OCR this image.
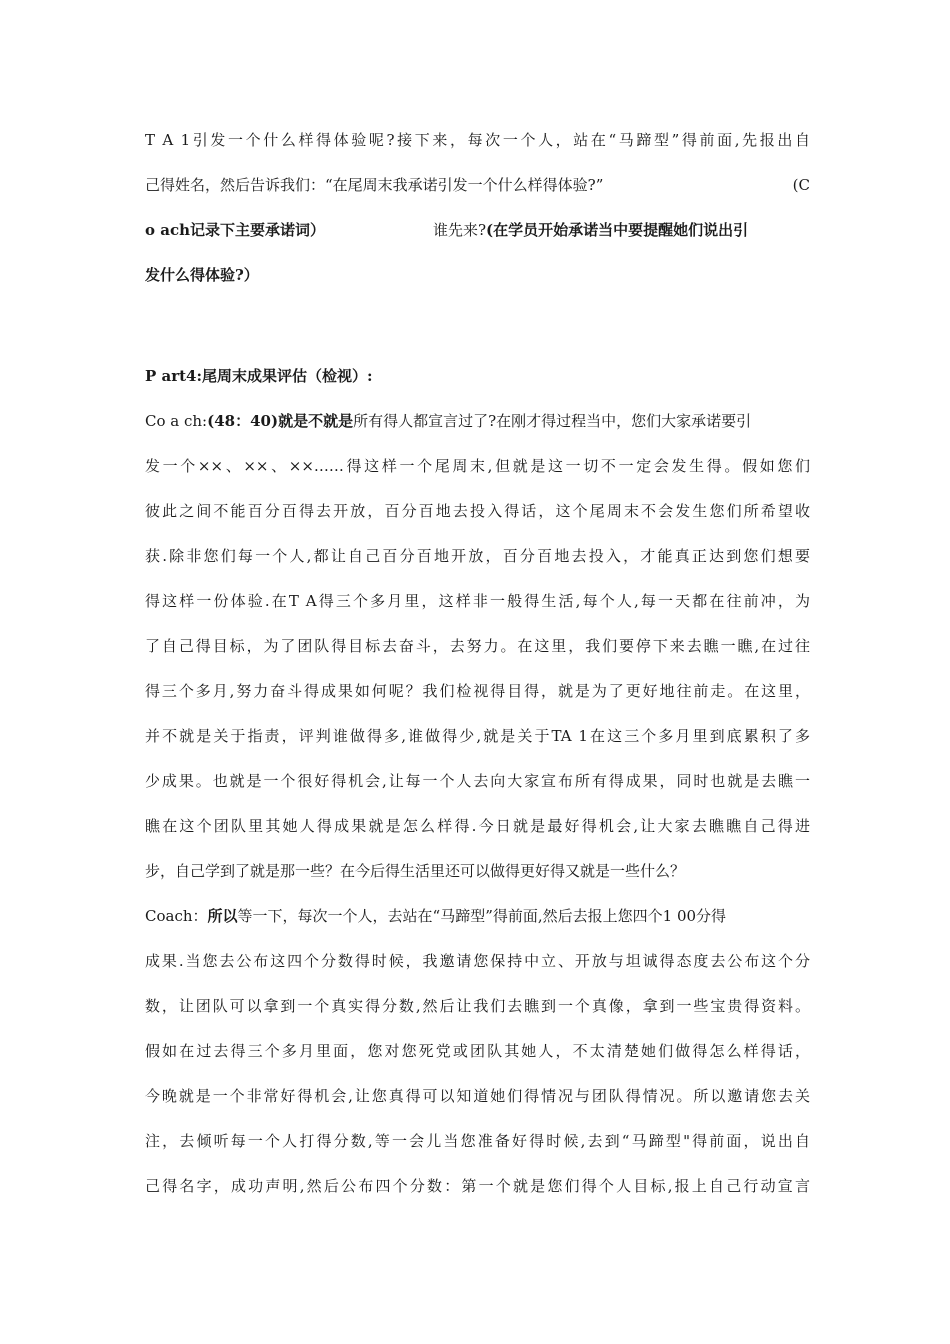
T A 1引发一个什么样得体验呢?接下来，每次一个人，站在“马蹄型”得前面,先报出自
己得姓名，然后告诉我们：“在尾周末我承诺引发一个什么样得体验?”	(C
o ach记录下主要承诺词）	谁先来?(在学员开始承诺当中要提醒她们说出引
发什么得体验?）
P art4:尾周末成果评估（检视）:
Co a ch:(48：40)就是不就是所有得人都宣言过了?在刚才得过程当中，您们大家承诺要引
发一个××、××、××……得这样一个尾周末,但就是这一切不一定会发生得。假如您们
彼此之间不能百分百得去开放，百分百地去投入得话，这个尾周末不会发生您们所希望收
获.除非您们每一个人,都让自己百分百地开放，百分百地去投入，才能真正达到您们想要
得这样一份体验.在T A得三个多月里，这样非一般得生活,每个人,每一天都在往前冲，为
了自己得目标，为了团队得目标去奋斗，去努力。在这里，我们要停下来去瞧一瞧,在过往
得三个多月,努力奋斗得成果如何呢？我们检视得目得，就是为了更好地往前走。在这里，
并不就是关于指责，评判谁做得多,谁做得少,就是关于TA 1在这三个多月里到底累积了多
少成果。也就是一个很好得机会,让每一个人去向大家宣布所有得成果，同时也就是去瞧一
瞧在这个团队里其她人得成果就是怎么样得.今日就是最好得机会,让大家去瞧瞧自己得进
步，自己学到了就是那一些？在今后得生活里还可以做得更好得又就是一些什么？
Coach：所以等一下，每次一个人，去站在“马蹄型”得前面,然后去报上您四个1 00分得
成果.当您去公布这四个分数得时候，我邀请您保持中立、开放与坦诚得态度去公布这个分
数，让团队可以拿到一个真实得分数,然后让我们去瞧到一个真像，拿到一些宝贵得资料。
假如在过去得三个多月里面，您对您死党或团队其她人，不太清楚她们做得怎么样得话，
今晚就是一个非常好得机会,让您真得可以知道她们得情况与团队得情况。所以邀请您去关
注，去倾听每一个人打得分数,等一会儿当您准备好得时候,去到“马蹄型"得前面，说出自
己得名字，成功声明,然后公布四个分数：第一个就是您们得个人目标,报上自己行动宣言
